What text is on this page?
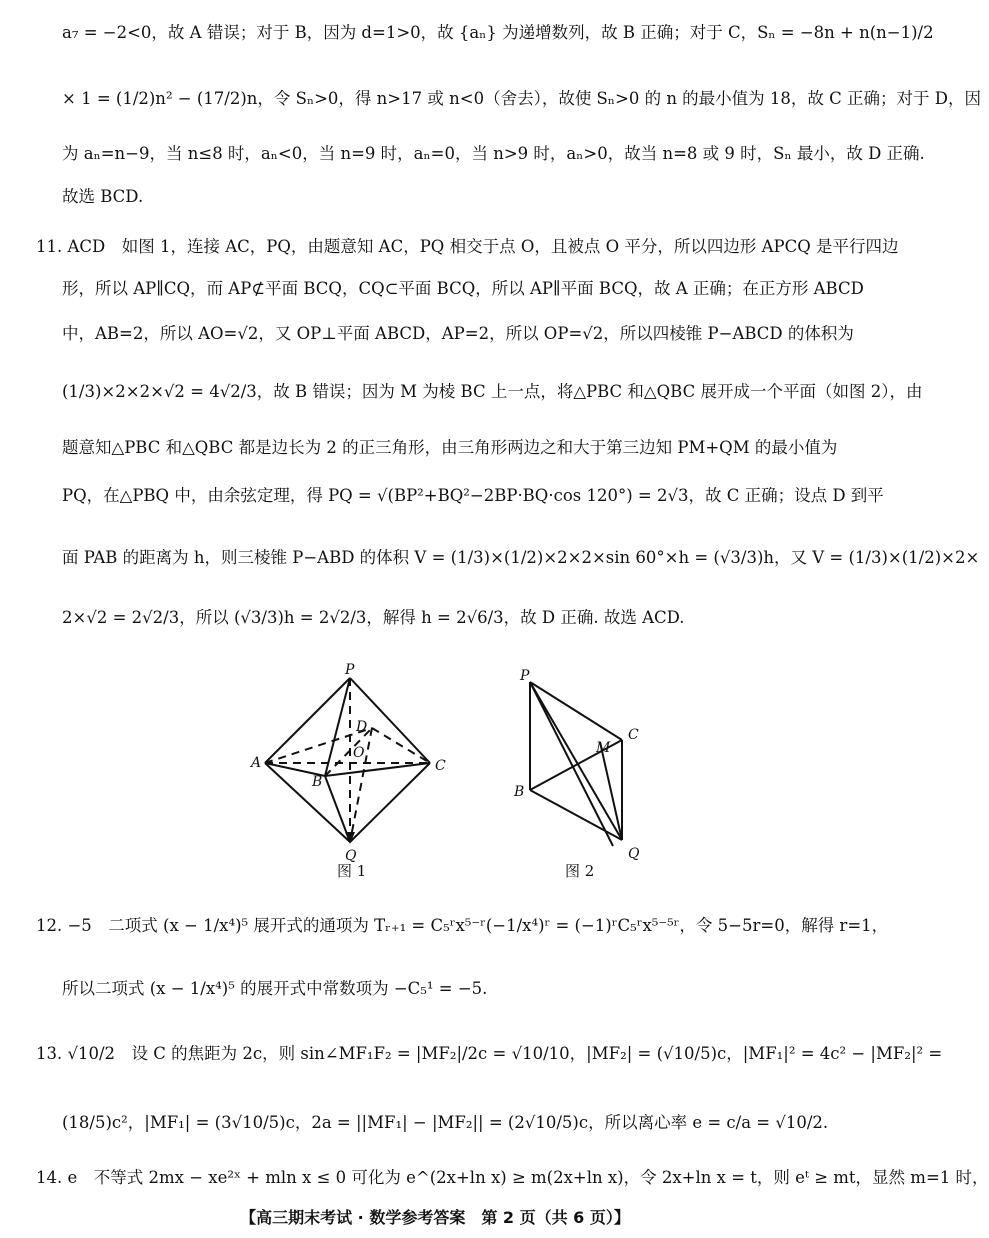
a₇ = −2<0，故 A 错误；对于 B，因为 d=1>0，故 {aₙ} 为递增数列，故 B 正确；对于 C，Sₙ = −8n + n(n−1)/2
× 1 = (1/2)n² − (17/2)n，令 Sₙ>0，得 n>17 或 n<0（舍去），故使 Sₙ>0 的 n 的最小值为 18，故 C 正确；对于 D，因
为 aₙ=n−9，当 n≤8 时，aₙ<0，当 n=9 时，aₙ=0，当 n>9 时，aₙ>0，故当 n=8 或 9 时，Sₙ 最小，故 D 正确.
故选 BCD.
11. ACD　如图 1，连接 AC，PQ，由题意知 AC，PQ 相交于点 O，且被点 O 平分，所以四边形 APCQ 是平行四边
形，所以 AP∥CQ，而 AP⊄平面 BCQ，CQ⊂平面 BCQ，所以 AP∥平面 BCQ，故 A 正确；在正方形 ABCD
中，AB=2，所以 AO=√2，又 OP⊥平面 ABCD，AP=2，所以 OP=√2，所以四棱锥 P−ABCD 的体积为
(1/3)×2×2×√2 = 4√2/3，故 B 错误；因为 M 为棱 BC 上一点，将△PBC 和△QBC 展开成一个平面（如图 2），由
题意知△PBC 和△QBC 都是边长为 2 的正三角形，由三角形两边之和大于第三边知 PM+QM 的最小值为
PQ，在△PBQ 中，由余弦定理，得 PQ = √(BP²+BQ²−2BP·BQ·cos 120°) = 2√3，故 C 正确；设点 D 到平
面 PAB 的距离为 h，则三棱锥 P−ABD 的体积 V = (1/3)×(1/2)×2×2×sin 60°×h = (√3/3)h，又 V = (1/3)×(1/2)×2×
2×√2 = 2√2/3，所以 (√3/3)h = 2√2/3，解得 h = 2√6/3，故 D 正确. 故选 ACD.
P
A
B
C
D
O
Q
图 1
P
M
C
B
Q
图 2
12. −5　二项式 (x − 1/x⁴)⁵ 展开式的通项为 Tᵣ₊₁ = C₅ʳx⁵⁻ʳ(−1/x⁴)ʳ = (−1)ʳC₅ʳx⁵⁻⁵ʳ，令 5−5r=0，解得 r=1，
所以二项式 (x − 1/x⁴)⁵ 的展开式中常数项为 −C₅¹ = −5.
13. √10/2　设 C 的焦距为 2c，则 sin∠MF₁F₂ = |MF₂|/2c = √10/10，|MF₂| = (√10/5)c，|MF₁|² = 4c² − |MF₂|² =
(18/5)c²，|MF₁| = (3√10/5)c，2a = ||MF₁| − |MF₂|| = (2√10/5)c，所以离心率 e = c/a = √10/2.
14. e　不等式 2mx − xe²ˣ + mln x ≤ 0 可化为 e^(2x+ln x) ≥ m(2x+ln x)，令 2x+ln x = t，则 eᵗ ≥ mt，显然 m=1 时，
【高三期末考试 · 数学参考答案　第 2 页（共 6 页）】
